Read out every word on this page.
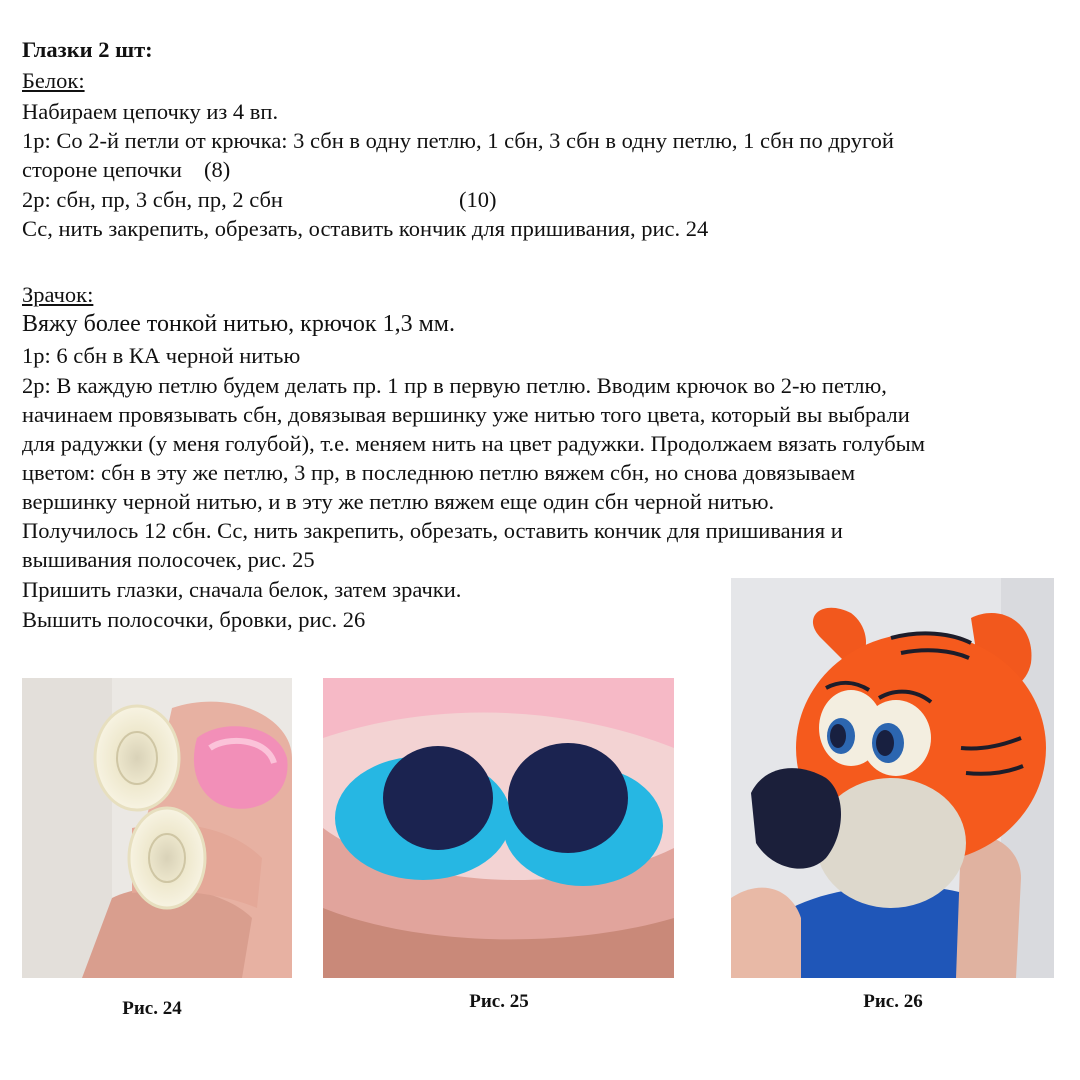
Глазки 2 шт:
Белок:
Набираем цепочку из 4 вп.
1р: Со 2-й петли от крючка: 3 сбн в одну петлю, 1 сбн, 3 сбн в одну петлю, 1 сбн по другой
стороне цепочки (8)
2р: сбн, пр, 3 сбн, пр, 2 сбн	(10)
Сс, нить закрепить, обрезать, оставить кончик для пришивания, рис. 24
Зрачок:
Вяжу более тонкой нитью, крючок 1,3 мм.
1р: 6 сбн в КА черной нитью
2р: В каждую петлю будем делать пр. 1 пр в первую петлю. Вводим крючок во 2-ю петлю,
начинаем провязывать сбн, довязывая вершинку уже нитью того цвета, который вы выбрали
для радужки (у меня голубой), т.е. меняем нить на цвет радужки. Продолжаем вязать голубым
цветом: сбн в эту же петлю, 3 пр, в последнюю петлю вяжем сбн, но снова довязываем
вершинку черной нитью, и в эту же петлю вяжем еще один сбн черной нитью.
Получилось 12 сбн. Сс, нить закрепить, обрезать, оставить кончик для пришивания и
вышивания полосочек, рис. 25
Пришить глазки, сначала белок, затем зрачки.
Вышить полосочки, бровки, рис. 26
Рис. 24	Рис. 25	Рис. 26
